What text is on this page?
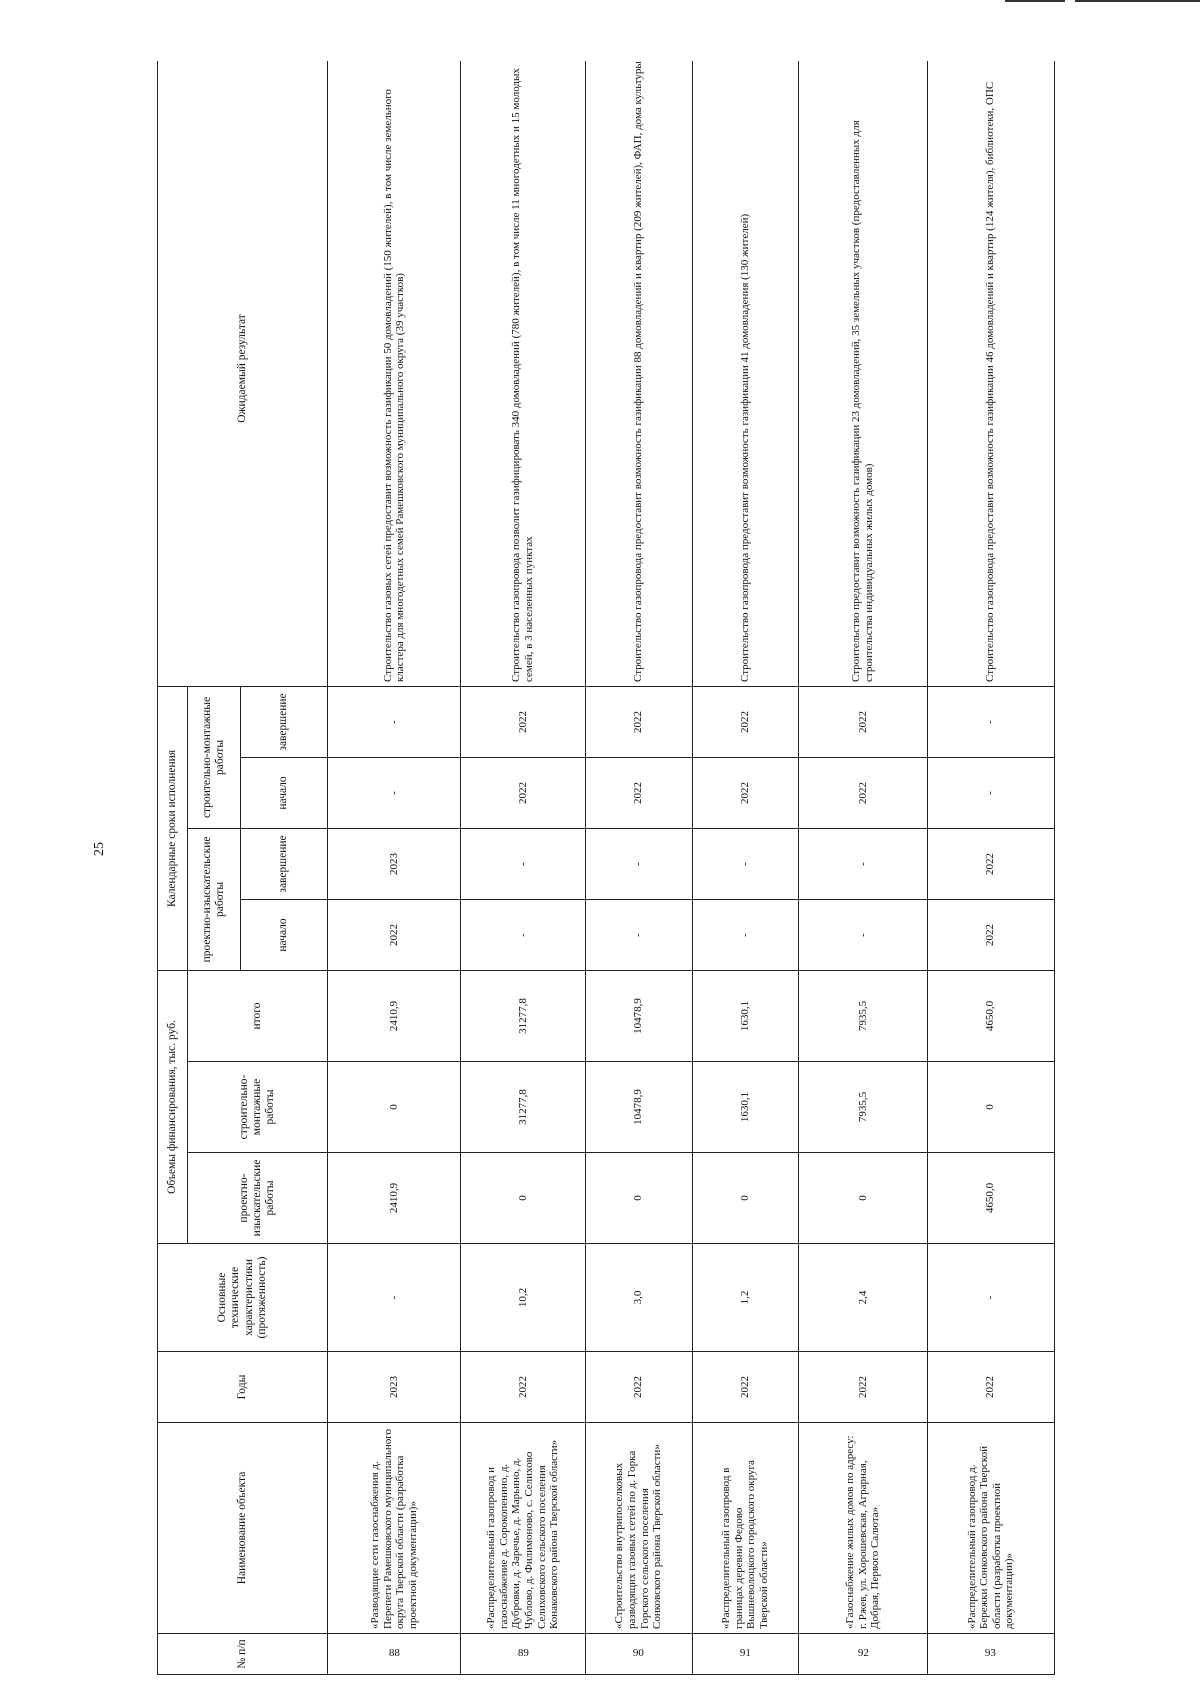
25
№ п/п	Наименование объекта	Годы	Основные технические характеристики (протяженность)	Объемы финансирования, тыс. руб.			Календарные сроки исполнения				Ожидаемый результат
				проектно-изыскательские работы	строительно-монтажные работы	итого	проектно-изыскательские работы		строительно-монтажные работы		
							начало	завершение	начало	завершение	
88	«Разводящие сети газоснабжения д. Перепеги Рамешковского муниципального округа Тверской области (разработка проектной документации)»	2023	-	2410,9	0	2410,9	2022	2023	-	-	Строительство газовых сетей предоставит возможность газификации 50 домовладений (150 жителей), в том числе земельного кластера для многодетных семей Рамешковского муниципального округа (39 участков)
89	«Распределительный газопровод и газоснабжение д. Сорокопенино, д. Дубровки, д. Заречье, д. Марьино, д. Чублово, д. Филимоново, с. Селихово Селиховского сельского поселения Конаковского района Тверской области»	2022	10,2	0	31277,8	31277,8	-	-	2022	2022	Строительство газопровода позволит газифицировать 340 домовладений (780 жителей), в том числе 11 многодетных и 15 молодых семей, в 3 населенных пунктах
90	«Строительство внутрипоселковых разводящих газовых сетей по д. Горка Горского сельского поселения Сонковского района Тверской области»	2022	3,0	0	10478,9	10478,9	-	-	2022	2022	Строительство газопровода предоставит возможность газификации 88 домовладений и квартир (209 жителей), ФАП, дома культуры
91	«Распределительный газопровод в границах деревни Федово Вышневолоцкого городского округа Тверской области»	2022	1,2	0	1630,1	1630,1	-	-	2022	2022	Строительство газопровода предоставит возможность газификации 41 домовладения (130 жителей)
92	«Газоснабжение жилых домов по адресу: г. Ржев, ул. Хорошевская, Аграрная, Добрая, Первого Салюта»	2022	2,4	0	7935,5	7935,5	-	-	2022	2022	Строительство предоставит возможность газификации 23 домовладений, 35 земельных участков (предоставленных для строительства индивидуальных жилых домов)
93	«Распределительный газопровод д. Бережки Сонковского района Тверской области (разработка проектной документации)»	2022	-	4650,0	0	4650,0	2022	2022	-	-	Строительство газопровода предоставит возможность газификации 46 домовладений и квартир (124 жителя), библиотеки, ОПС
